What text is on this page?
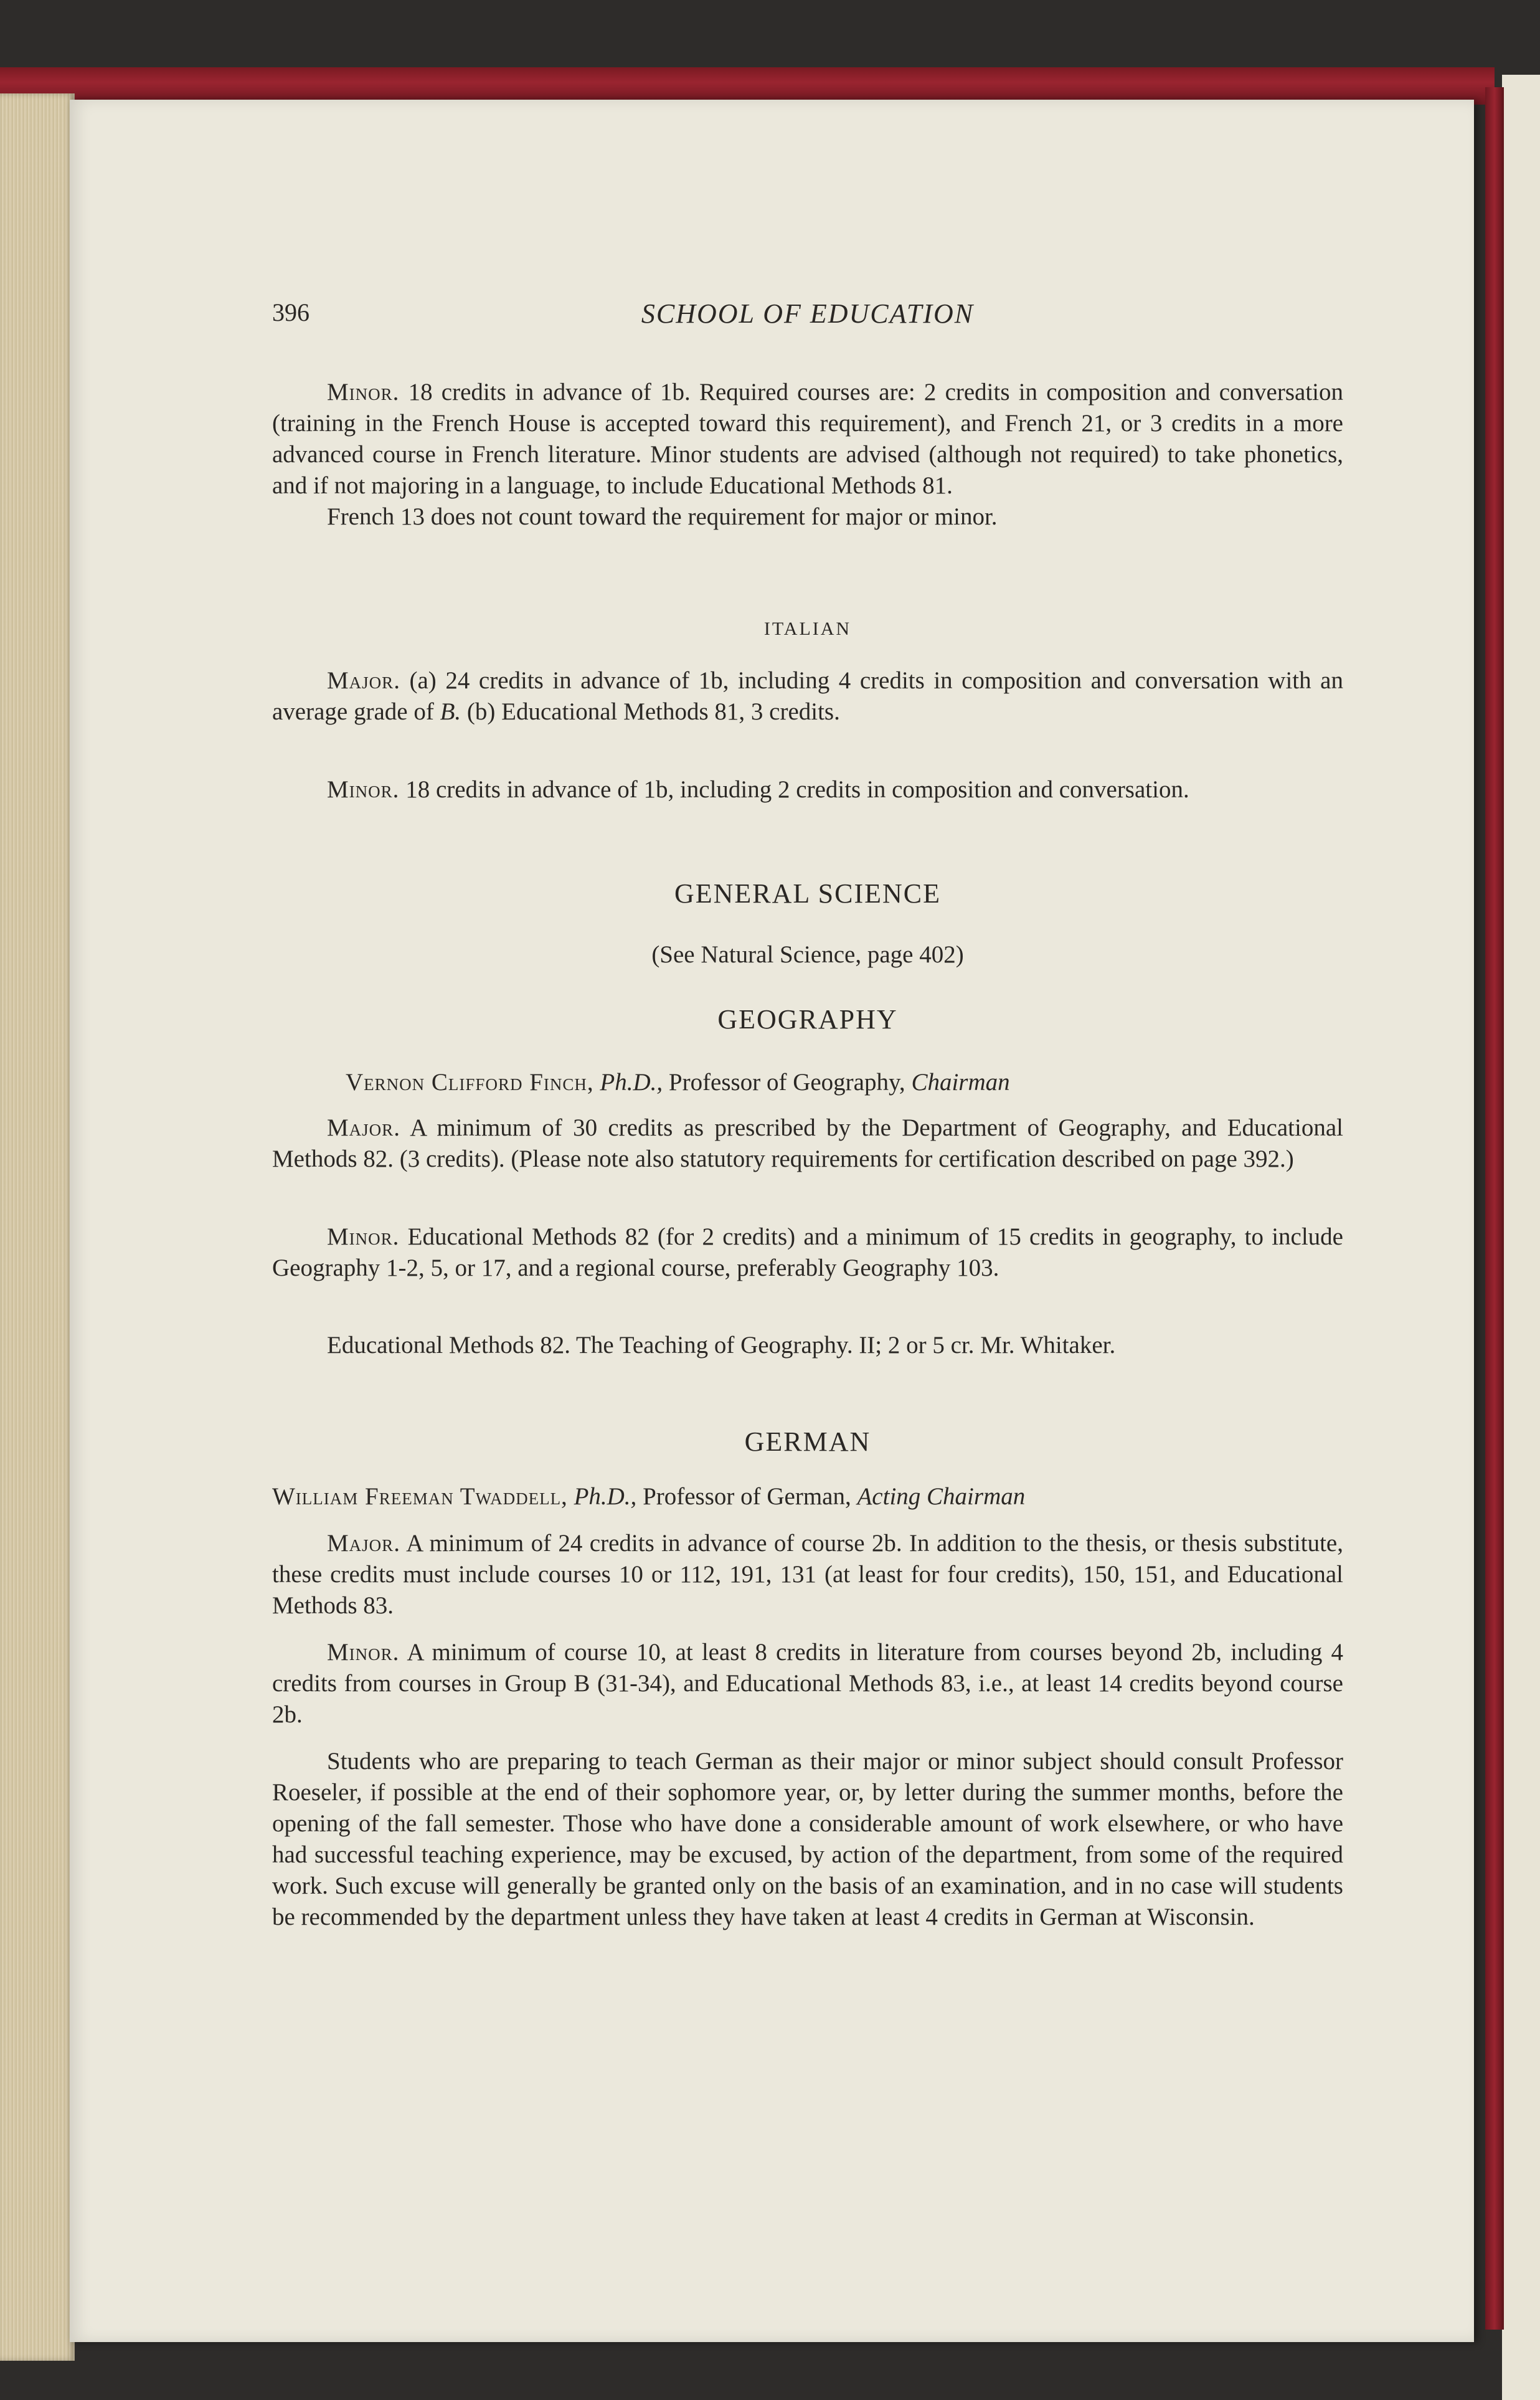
396	SCHOOL OF EDUCATION

Minor. 18 credits in advance of 1b. Required courses are: 2 credits in composition and conversation (training in the French House is accepted toward this requirement), and French 21, or 3 credits in a more advanced course in French literature. Minor students are advised (although not required) to take phonetics, and if not majoring in a language, to include Educational Methods 81.

French 13 does not count toward the requirement for major or minor.

ITALIAN

Major. (a) 24 credits in advance of 1b, including 4 credits in composition and conversation with an average grade of B. (b) Educational Methods 81, 3 credits.

Minor. 18 credits in advance of 1b, including 2 credits in composition and conversation.

GENERAL SCIENCE

(See Natural Science, page 402)

GEOGRAPHY

Vernon Clifford Finch, Ph.D., Professor of Geography, Chairman

Major. A minimum of 30 credits as prescribed by the Department of Geography, and Educational Methods 82. (3 credits). (Please note also statutory requirements for certification described on page 392.)

Minor. Educational Methods 82 (for 2 credits) and a minimum of 15 credits in geography, to include Geography 1-2, 5, or 17, and a regional course, preferably Geography 103.

Educational Methods 82. The Teaching of Geography. II; 2 or 5 cr. Mr. Whitaker.

GERMAN

William Freeman Twaddell, Ph.D., Professor of German, Acting Chairman

Major. A minimum of 24 credits in advance of course 2b. In addition to the thesis, or thesis substitute, these credits must include courses 10 or 112, 191, 131 (at least for four credits), 150, 151, and Educational Methods 83.

Minor. A minimum of course 10, at least 8 credits in literature from courses beyond 2b, including 4 credits from courses in Group B (31-34), and Educational Methods 83, i.e., at least 14 credits beyond course 2b.

Students who are preparing to teach German as their major or minor subject should consult Professor Roeseler, if possible at the end of their sophomore year, or, by letter during the summer months, before the opening of the fall semester. Those who have done a considerable amount of work elsewhere, or who have had successful teaching experience, may be excused, by action of the department, from some of the required work. Such excuse will generally be granted only on the basis of an examination, and in no case will students be recommended by the department unless they have taken at least 4 credits in German at Wisconsin.
